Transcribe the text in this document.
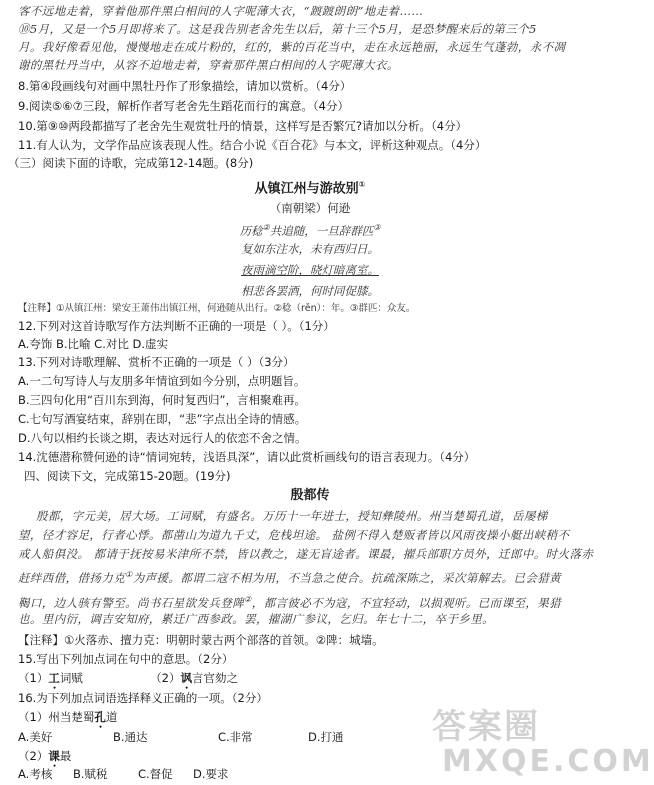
客不远地走着，穿着他那件黑白相间的人字呢薄大衣，“踱踱朗朗”地走着……
⑩5月，又是一个5月即将来了。这是我告别老舍先生以后，第十三个5月，是恐梦醒来后的第三个5
月。我好像看见他，慢慢地走在成片粉的，红的，紫的百花当中，走在永远艳丽，永远生气蓬勃，永不凋
谢的黑牡丹当中，从容不迫地走着，穿着那件黑白相间的人字呢薄大衣。
8.第④段画线句对画中黑牡丹作了形象描绘，请加以赏析。（4分）
9.阅读⑤⑥⑦三段，解析作者写老舍先生蹈花而行的寓意。（4分）
10.第⑨⑩两段都描写了老舍先生观赏牡丹的情景，这样写是否繁冗?请加以分析。（4分）
11.有人认为，文学作品应该表现人性。结合小说《百合花》与本文，评析这种观点。（4分）
（三）阅读下面的诗歌，完成第12-14题。(8分)
从镇江州与游故别①
（南朝梁）何逊
历稔②共追随，一旦辞群匹③
复如东注水，未有西归日。
夜雨滴空阶，晓灯暗离室。
相悲各罢酒，何时同促膝。
【注释】①从镇江州：梁安王萧伟出镇江州，何逊随从出行。②稔（rěn）：年。③群匹：众友。
12.下列对这首诗歌写作方法判断不正确的一项是（ ）。（1分）
A.夸饰 B.比喻 C.对比 D.虚实
13.下列对诗歌理解、赏析不正确的一项是（ ）（3分）
A.一二句写诗人与友朋多年情谊到如今分别，点明题旨。
B.三四句化用“百川东到海，何时复西归”，言相聚难再。
C.七句写酒宴结束，辞别在即，“悲”字点出全诗的情感。
D.八句以相约长谈之期，表达对远行人的依恋不舍之情。
14.沈德潜称赞何逊的诗“情词宛转，浅语具深”，请以此赏析画线句的语言表现力。（4分）
四、阅读下文，完成第15-20题。(19分)
殷都传
殷都，字元美，居大场。工词赋，有盛名。万历十一年进士，授知彝陵州。州当楚蜀孔道，岳屡梯
望，径才容足，行者心悸。都凿山为道九千丈，危栈坦途。 盐例不得入楚贩者皆以风雨夜操小艇出峡稍不
戒人船俱没。 都请于抚按易米津所不禁，皆以教之，遂无盲途者。课最，擢兵部职方员外，迁郎中。时火落赤
赶绊西借，借扬力克①为声援。都谓二寇不相为用，不当急之使合。抗疏深陈之，采次第解去。已会猎黄
鞨口，边人骇有警至。尚书石星欲发兵登陴②，都言彼必不为寇，不宜轻动，以损观听。已而课至，果猎
也。里内衍，调吉安知府，累迁广西参政。罢，擢湖广参议，乞归。年七十二，卒于乡里。
【注释】①火落赤、擅力克：明朝时蒙古两个部落的首领。②陴：城墙。
15.写出下列加点词在句中的意思。（2分）
（1）工词赋	（2）讽言官劾之
16.为下列加点词语选择释义正确的一项。（2分）
（1）州当楚蜀孔道
A.美好	B.通达	C.非常	D.打通
（2）课最
A.考核 B.赋税	C.督促 D.要求
答案圈
MXQE.COM
